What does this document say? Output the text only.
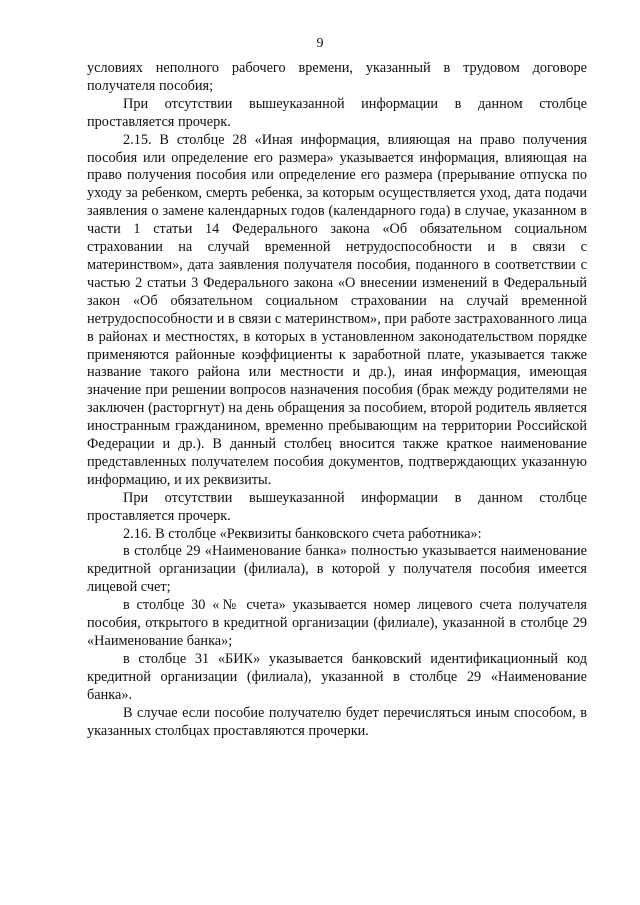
9

условиях неполного рабочего времени, указанный в трудовом договоре получателя пособия;

При отсутствии вышеуказанной информации в данном столбце проставляется прочерк.

2.15. В столбце 28 «Иная информация, влияющая на право получения пособия или определение его размера» указывается информация, влияющая на право получения пособия или определение его размера (прерывание отпуска по уходу за ребенком, смерть ребенка, за которым осуществляется уход, дата подачи заявления о замене календарных годов (календарного года) в случае, указанном в части 1 статьи 14 Федерального закона «Об обязательном социальном страховании на случай временной нетрудоспособности и в связи с материнством», дата заявления получателя пособия, поданного в соответствии с частью 2 статьи 3 Федерального закона «О внесении изменений в Федеральный закон «Об обязательном социальном страховании на случай временной нетрудоспособности и в связи с материнством», при работе застрахованного лица в районах и местностях, в которых в установленном законодательством порядке применяются районные коэффициенты к заработной плате, указывается также название такого района или местности и др.), иная информация, имеющая значение при решении вопросов назначения пособия (брак между родителями не заключен (расторгнут) на день обращения за пособием, второй родитель является иностранным гражданином, временно пребывающим на территории Российской Федерации и др.). В данный столбец вносится также краткое наименование представленных получателем пособия документов, подтверждающих указанную информацию, и их реквизиты.

При отсутствии вышеуказанной информации в данном столбце проставляется прочерк.

2.16. В столбце «Реквизиты банковского счета работника»:

в столбце 29 «Наименование банка» полностью указывается наименование кредитной организации (филиала), в которой у получателя пособия имеется лицевой счет;

в столбце 30 «№ счета» указывается номер лицевого счета получателя пособия, открытого в кредитной организации (филиале), указанной в столбце 29 «Наименование банка»;

в столбце 31 «БИК» указывается банковский идентификационный код кредитной организации (филиала), указанной в столбце 29 «Наименование банка».

В случае если пособие получателю будет перечисляться иным способом, в указанных столбцах проставляются прочерки.
